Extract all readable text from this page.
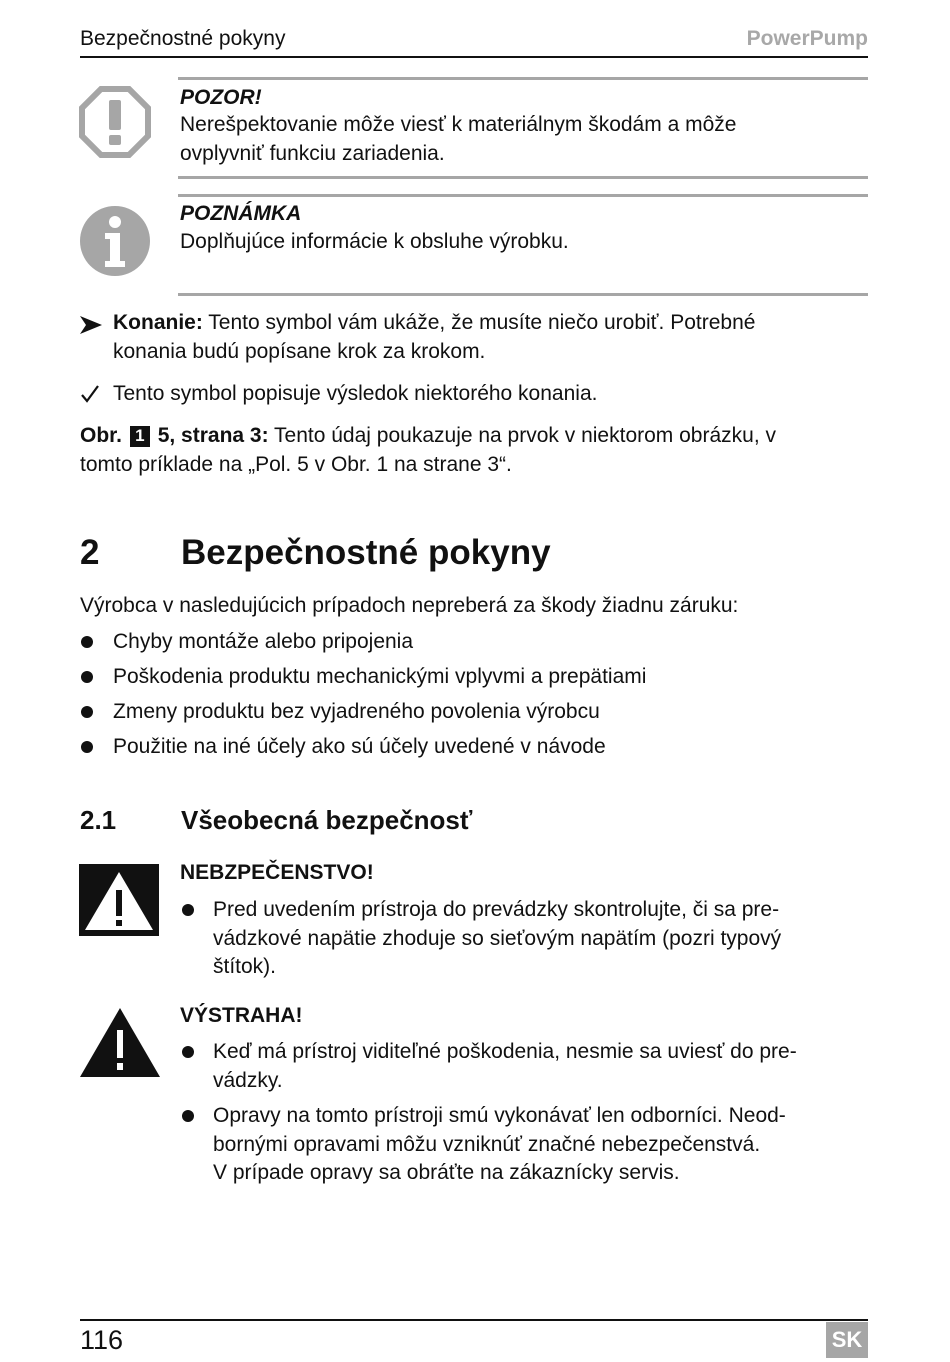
Bezpečnostné pokyny	PowerPump
POZOR!
Nerešpektovanie môže viesť k materiálnym škodám a môže
ovplyvniť funkciu zariadenia.
POZNÁMKA
Doplňujúce informácie k obsluhe výrobku.
Konanie: Tento symbol vám ukáže, že musíte niečo urobiť. Potrebné
konania budú popísane krok za krokom.
Tento symbol popisuje výsledok niektorého konania.
Obr. 1 5, strana 3: Tento údaj poukazuje na prvok v niektorom obrázku, v
tomto príklade na „Pol. 5 v Obr. 1 na strane 3“.
2 Bezpečnostné pokyny
Výrobca v nasledujúcich prípadoch nepreberá za škody žiadnu záruku:
Chyby montáže alebo pripojenia
Poškodenia produktu mechanickými vplyvmi a prepätiami
Zmeny produktu bez vyjadreného povolenia výrobcu
Použitie na iné účely ako sú účely uvedené v návode
2.1 Všeobecná bezpečnosť
NEBZPEČENSTVO!
Pred uvedením prístroja do prevádzky skontrolujte, či sa pre-
vádzkové napätie zhoduje so sieťovým napätím (pozri typový
štítok).
VÝSTRAHA!
Keď má prístroj viditeľné poškodenia, nesmie sa uviesť do pre-
vádzky.
Opravy na tomto prístroji smú vykonávať len odborníci. Neod-
bornými opravami môžu vzniknúť značné nebezpečenstvá.
V prípade opravy sa obráťte na zákaznícky servis.
116	SK
